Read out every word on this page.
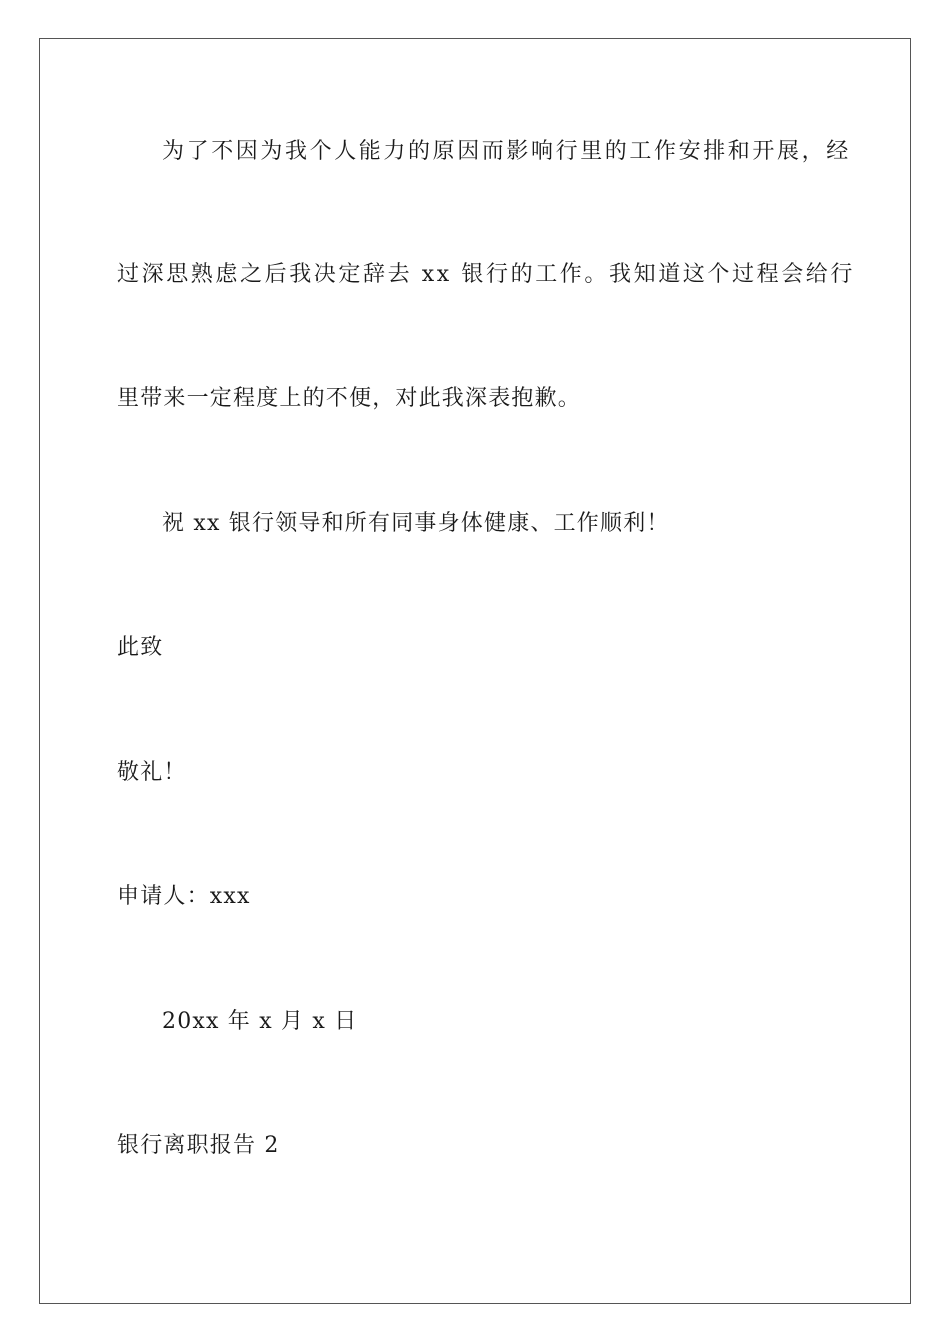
为了不因为我个人能力的原因而影响行里的工作安排和开展，经
过深思熟虑之后我决定辞去 xx 银行的工作。我知道这个过程会给行
里带来一定程度上的不便，对此我深表抱歉。
祝 xx 银行领导和所有同事身体健康、工作顺利！
此致
敬礼！
申请人：xxx
20xx 年 x 月 x 日
银行离职报告 2
